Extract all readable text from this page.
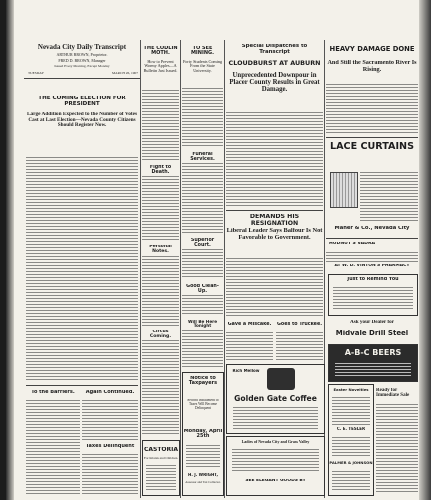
Nevada City Daily Transcript
ARTHUR BROWN, Proprietor.
FRED D. BROWN, Manager
Issued Every Morning, Except Monday
TUESDAY	MARCH 26, 1907
THE COMING ELECTION FOR PRESIDENT
Large Addition Expected to the Number of Votes Cast at Last Election—Nevada County Citizens Should Register Now.
To the Barriers.	Again Continued.
Taxes Delinquent
THE CODLIN MOTH.
How to Prevent Wormy Apples—A Bulletin Just Issued.
Fight to Death.
Personal Notes.
Circus Coming.
CASTORIA
For Infants and Children.
TO SEE MINING.
Forty Students Coming From the State University.
Funeral Services.
Superior Court.
Good Clean-Up.
Will Be Here Tonight
Notice to Taxpayers
Second Installment of Taxes Will Become Delinquent
Monday, April 25th
H. J. WRIGHT,
Assessor and Tax Collector.
Special Dispatches to Transcript
CLOUDBURST AT AUBURN
Unprecedented Downpour in Placer County Results in Great Damage.
DEMANDS HIS RESIGNATION
Liberal Leader Says Balfour Is Not Favorable to Government.
Gave a Miscake.	Goes to Truckee.
Rich Mellow
Golden Gate Coffee
Ladies of Nevada City and Grass Valley
SEE ELEGANT GOODS BY
HEAVY DAMAGE DONE
And Still the Sacramento River Is Rising.
LACE CURTAINS
Maher & Co., Nevada City
HUDNUT'S VADRA
AT W. D. VINTON'S PHARMACY
Just to Remind You
Ask your Dealer for
Midvale Drill Steel
A-B-C BEERS
Easter Novelties
C. E. TESLER
PALMER & JOHNSON
Ready for Immediate Sale
